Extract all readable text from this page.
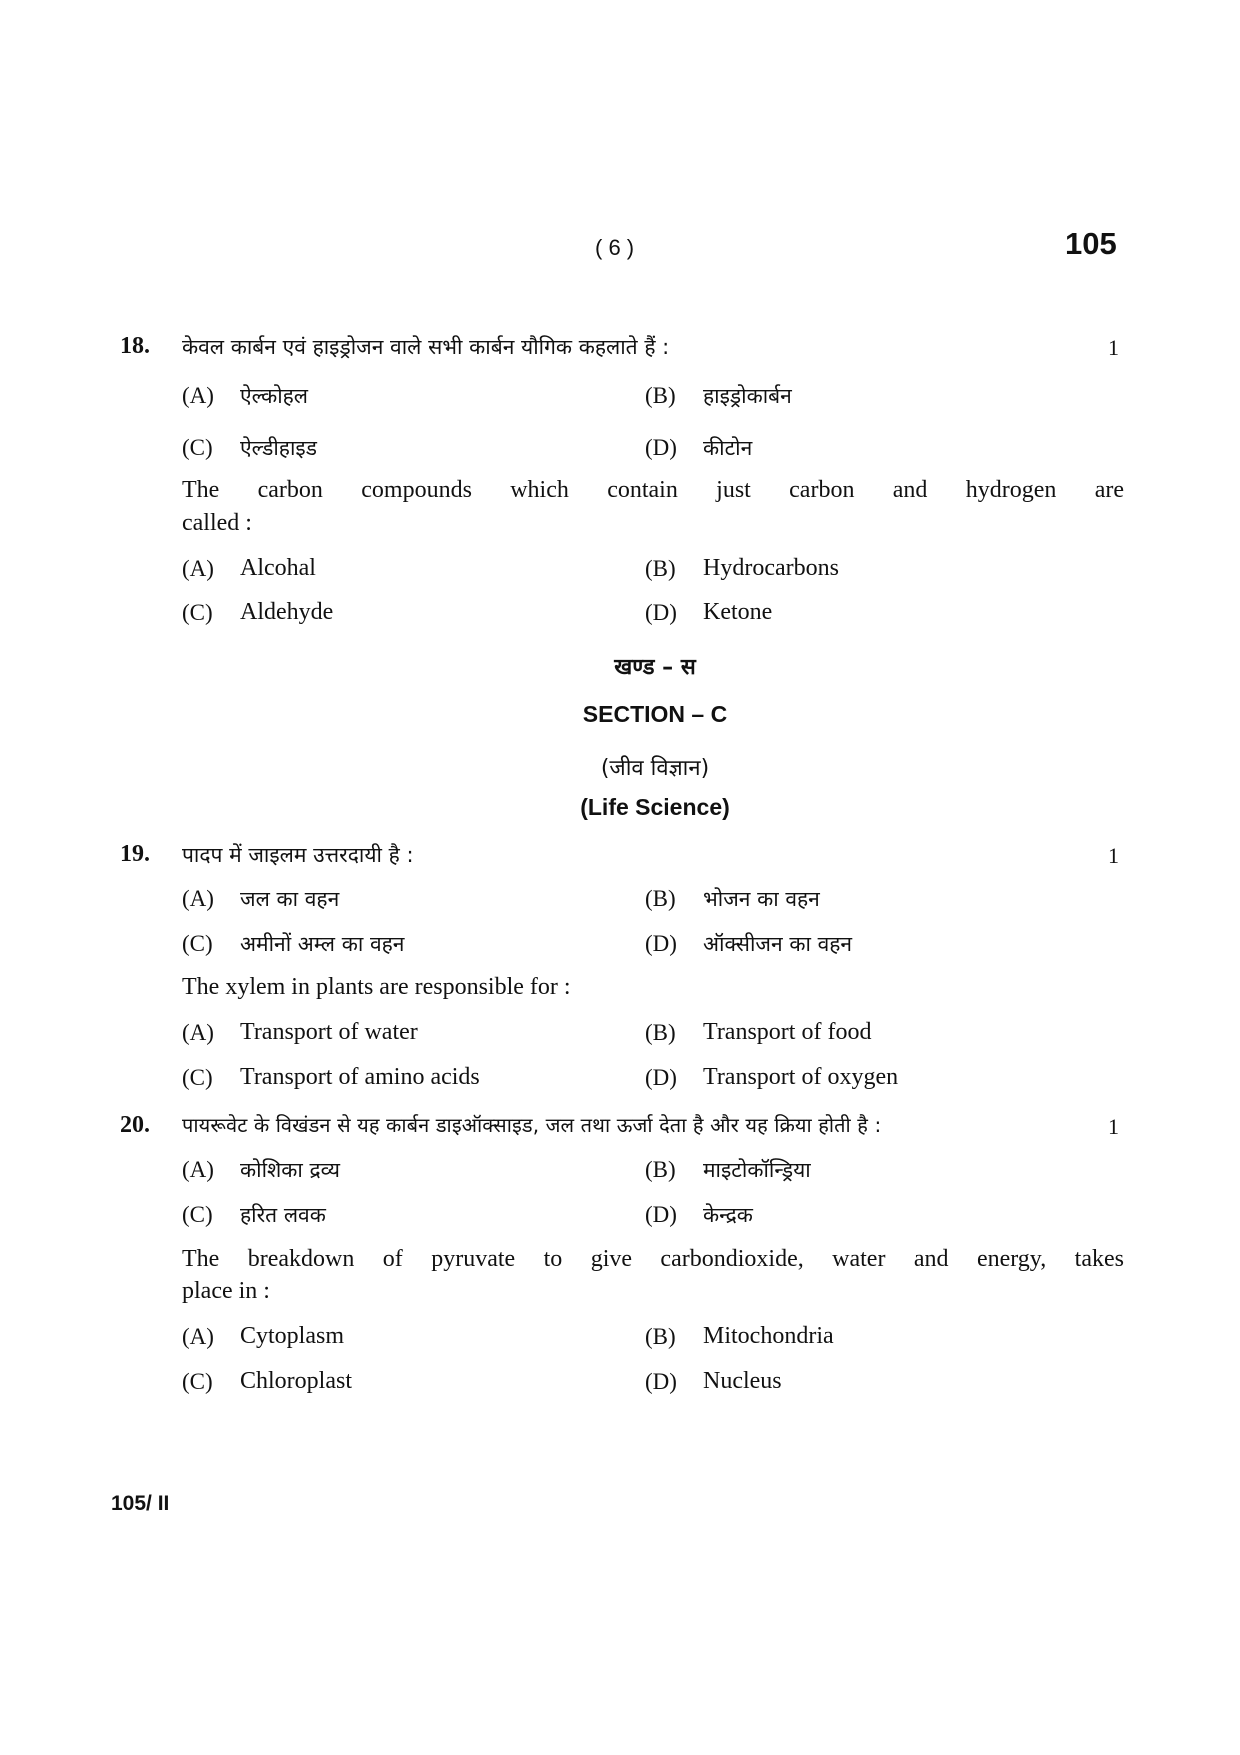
( 6 )	105
18. केवल कार्बन एवं हाइड्रोजन वाले सभी कार्बन यौगिक कहलाते हैं :	1
(A) ऐल्कोहल	(B) हाइड्रोकार्बन
(C) ऐल्डीहाइड	(D) कीटोन
The carbon compounds which contain just carbon and hydrogen are
called :
(A) Alcohal	(B) Hydrocarbons
(C) Aldehyde	(D) Ketone
खण्ड – स
SECTION – C
(जीव विज्ञान)
(Life Science)
19. पादप में जाइलम उत्तरदायी है :	1
(A) जल का वहन	(B) भोजन का वहन
(C) अमीनों अम्ल का वहन	(D) ऑक्सीजन का वहन
The xylem in plants are responsible for :
(A) Transport of water	(B) Transport of food
(C) Transport of amino acids	(D) Transport of oxygen
20. पायरूवेट के विखंडन से यह कार्बन डाइऑक्साइड, जल तथा ऊर्जा देता है और यह क्रिया होती है :	1
(A) कोशिका द्रव्य	(B) माइटोकॉन्ड्रिया
(C) हरित लवक	(D) केन्द्रक
The breakdown of pyruvate to give carbondioxide, water and energy, takes
place in :
(A) Cytoplasm	(B) Mitochondria
(C) Chloroplast	(D) Nucleus
105/ II
